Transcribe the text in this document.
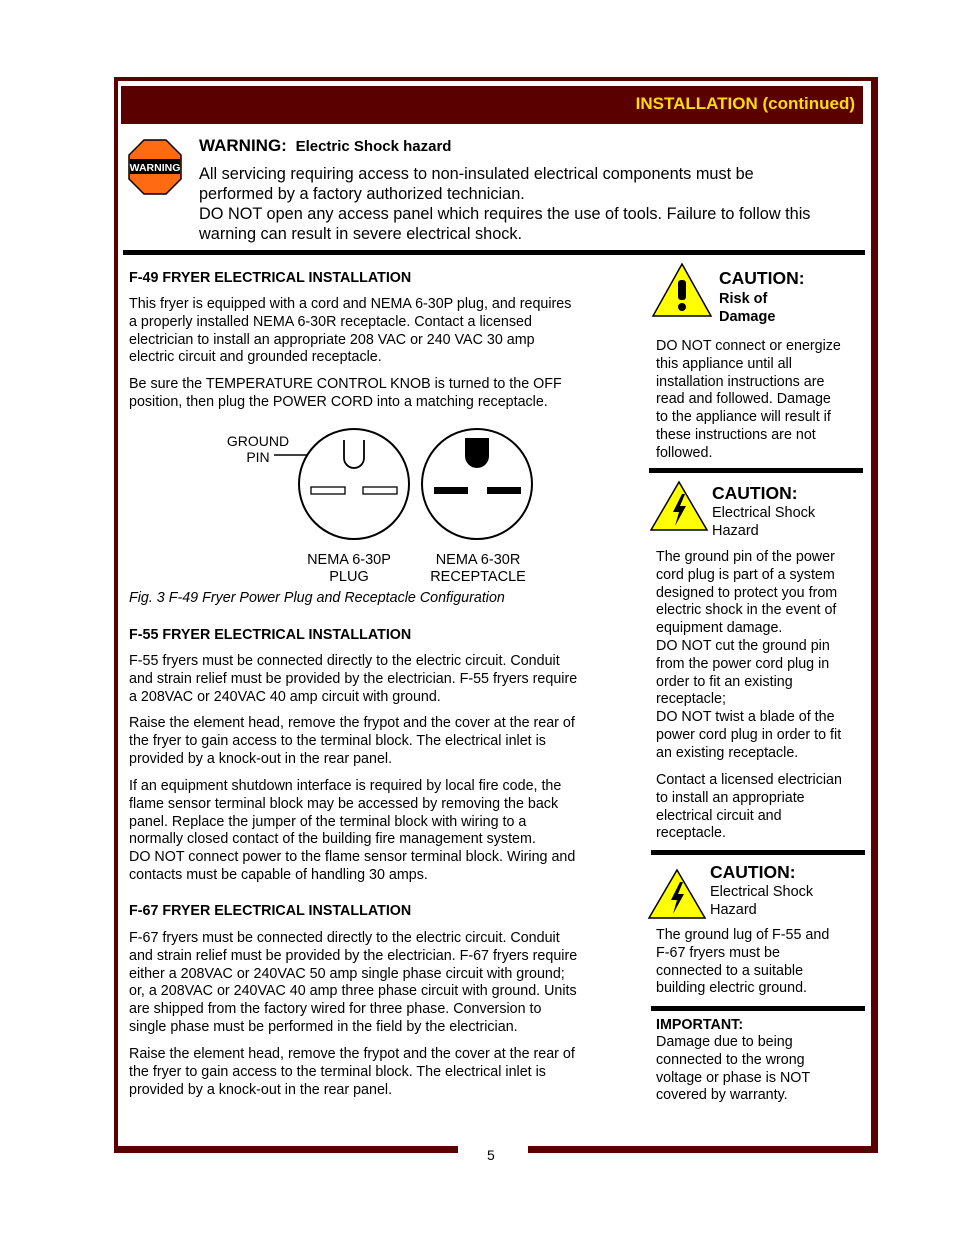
INSTALLATION (continued)
WARNING
WARNING: Electric Shock hazard
All servicing requiring access to non-insulated electrical components must be
performed by a factory authorized technician.
DO NOT open any access panel which requires the use of tools. Failure to follow this
warning can result in severe electrical shock.
F-49 FRYER ELECTRICAL INSTALLATION
This fryer is equipped with a cord and NEMA 6-30P plug, and requires
a properly installed NEMA 6-30R receptacle. Contact a licensed
electrician to install an appropriate 208 VAC or 240 VAC 30 amp
electric circuit and grounded receptacle.
Be sure the TEMPERATURE CONTROL KNOB is turned to the OFF
position, then plug the POWER CORD into a matching receptacle.
GROUND
PIN
NEMA 6-30P
PLUG
NEMA 6-30R
RECEPTACLE
Fig. 3 F-49 Fryer Power Plug and Receptacle Configuration
F-55 FRYER ELECTRICAL INSTALLATION
F-55 fryers must be connected directly to the electric circuit. Conduit
and strain relief must be provided by the electrician. F-55 fryers require
a 208VAC or 240VAC 40 amp circuit with ground.
Raise the element head, remove the frypot and the cover at the rear of
the fryer to gain access to the terminal block. The electrical inlet is
provided by a knock-out in the rear panel.
If an equipment shutdown interface is required by local fire code, the
flame sensor terminal block may be accessed by removing the back
panel. Replace the jumper of the terminal block with wiring to a
normally closed contact of the building fire management system.
DO NOT connect power to the flame sensor terminal block. Wiring and
contacts must be capable of handling 30 amps.
F-67 FRYER ELECTRICAL INSTALLATION
F-67 fryers must be connected directly to the electric circuit. Conduit
and strain relief must be provided by the electrician. F-67 fryers require
either a 208VAC or 240VAC 50 amp single phase circuit with ground;
or, a 208VAC or 240VAC 40 amp three phase circuit with ground. Units
are shipped from the factory wired for three phase. Conversion to
single phase must be performed in the field by the electrician.
Raise the element head, remove the frypot and the cover at the rear of
the fryer to gain access to the terminal block. The electrical inlet is
provided by a knock-out in the rear panel.
CAUTION:
Risk of
Damage
DO NOT connect or energize
this appliance until all
installation instructions are
read and followed. Damage
to the appliance will result if
these instructions are not
followed.
CAUTION:
Electrical Shock
Hazard
The ground pin of the power
cord plug is part of a system
designed to protect you from
electric shock in the event of
equipment damage.
DO NOT cut the ground pin
from the power cord plug in
order to fit an existing
receptacle;
DO NOT twist a blade of the
power cord plug in order to fit
an existing receptacle.
Contact a licensed electrician
to install an appropriate
electrical circuit and
receptacle.
CAUTION:
Electrical Shock
Hazard
The ground lug of F-55 and
F-67 fryers must be
connected to a suitable
building electric ground.
IMPORTANT:
Damage due to being
connected to the wrong
voltage or phase is NOT
covered by warranty.
5
